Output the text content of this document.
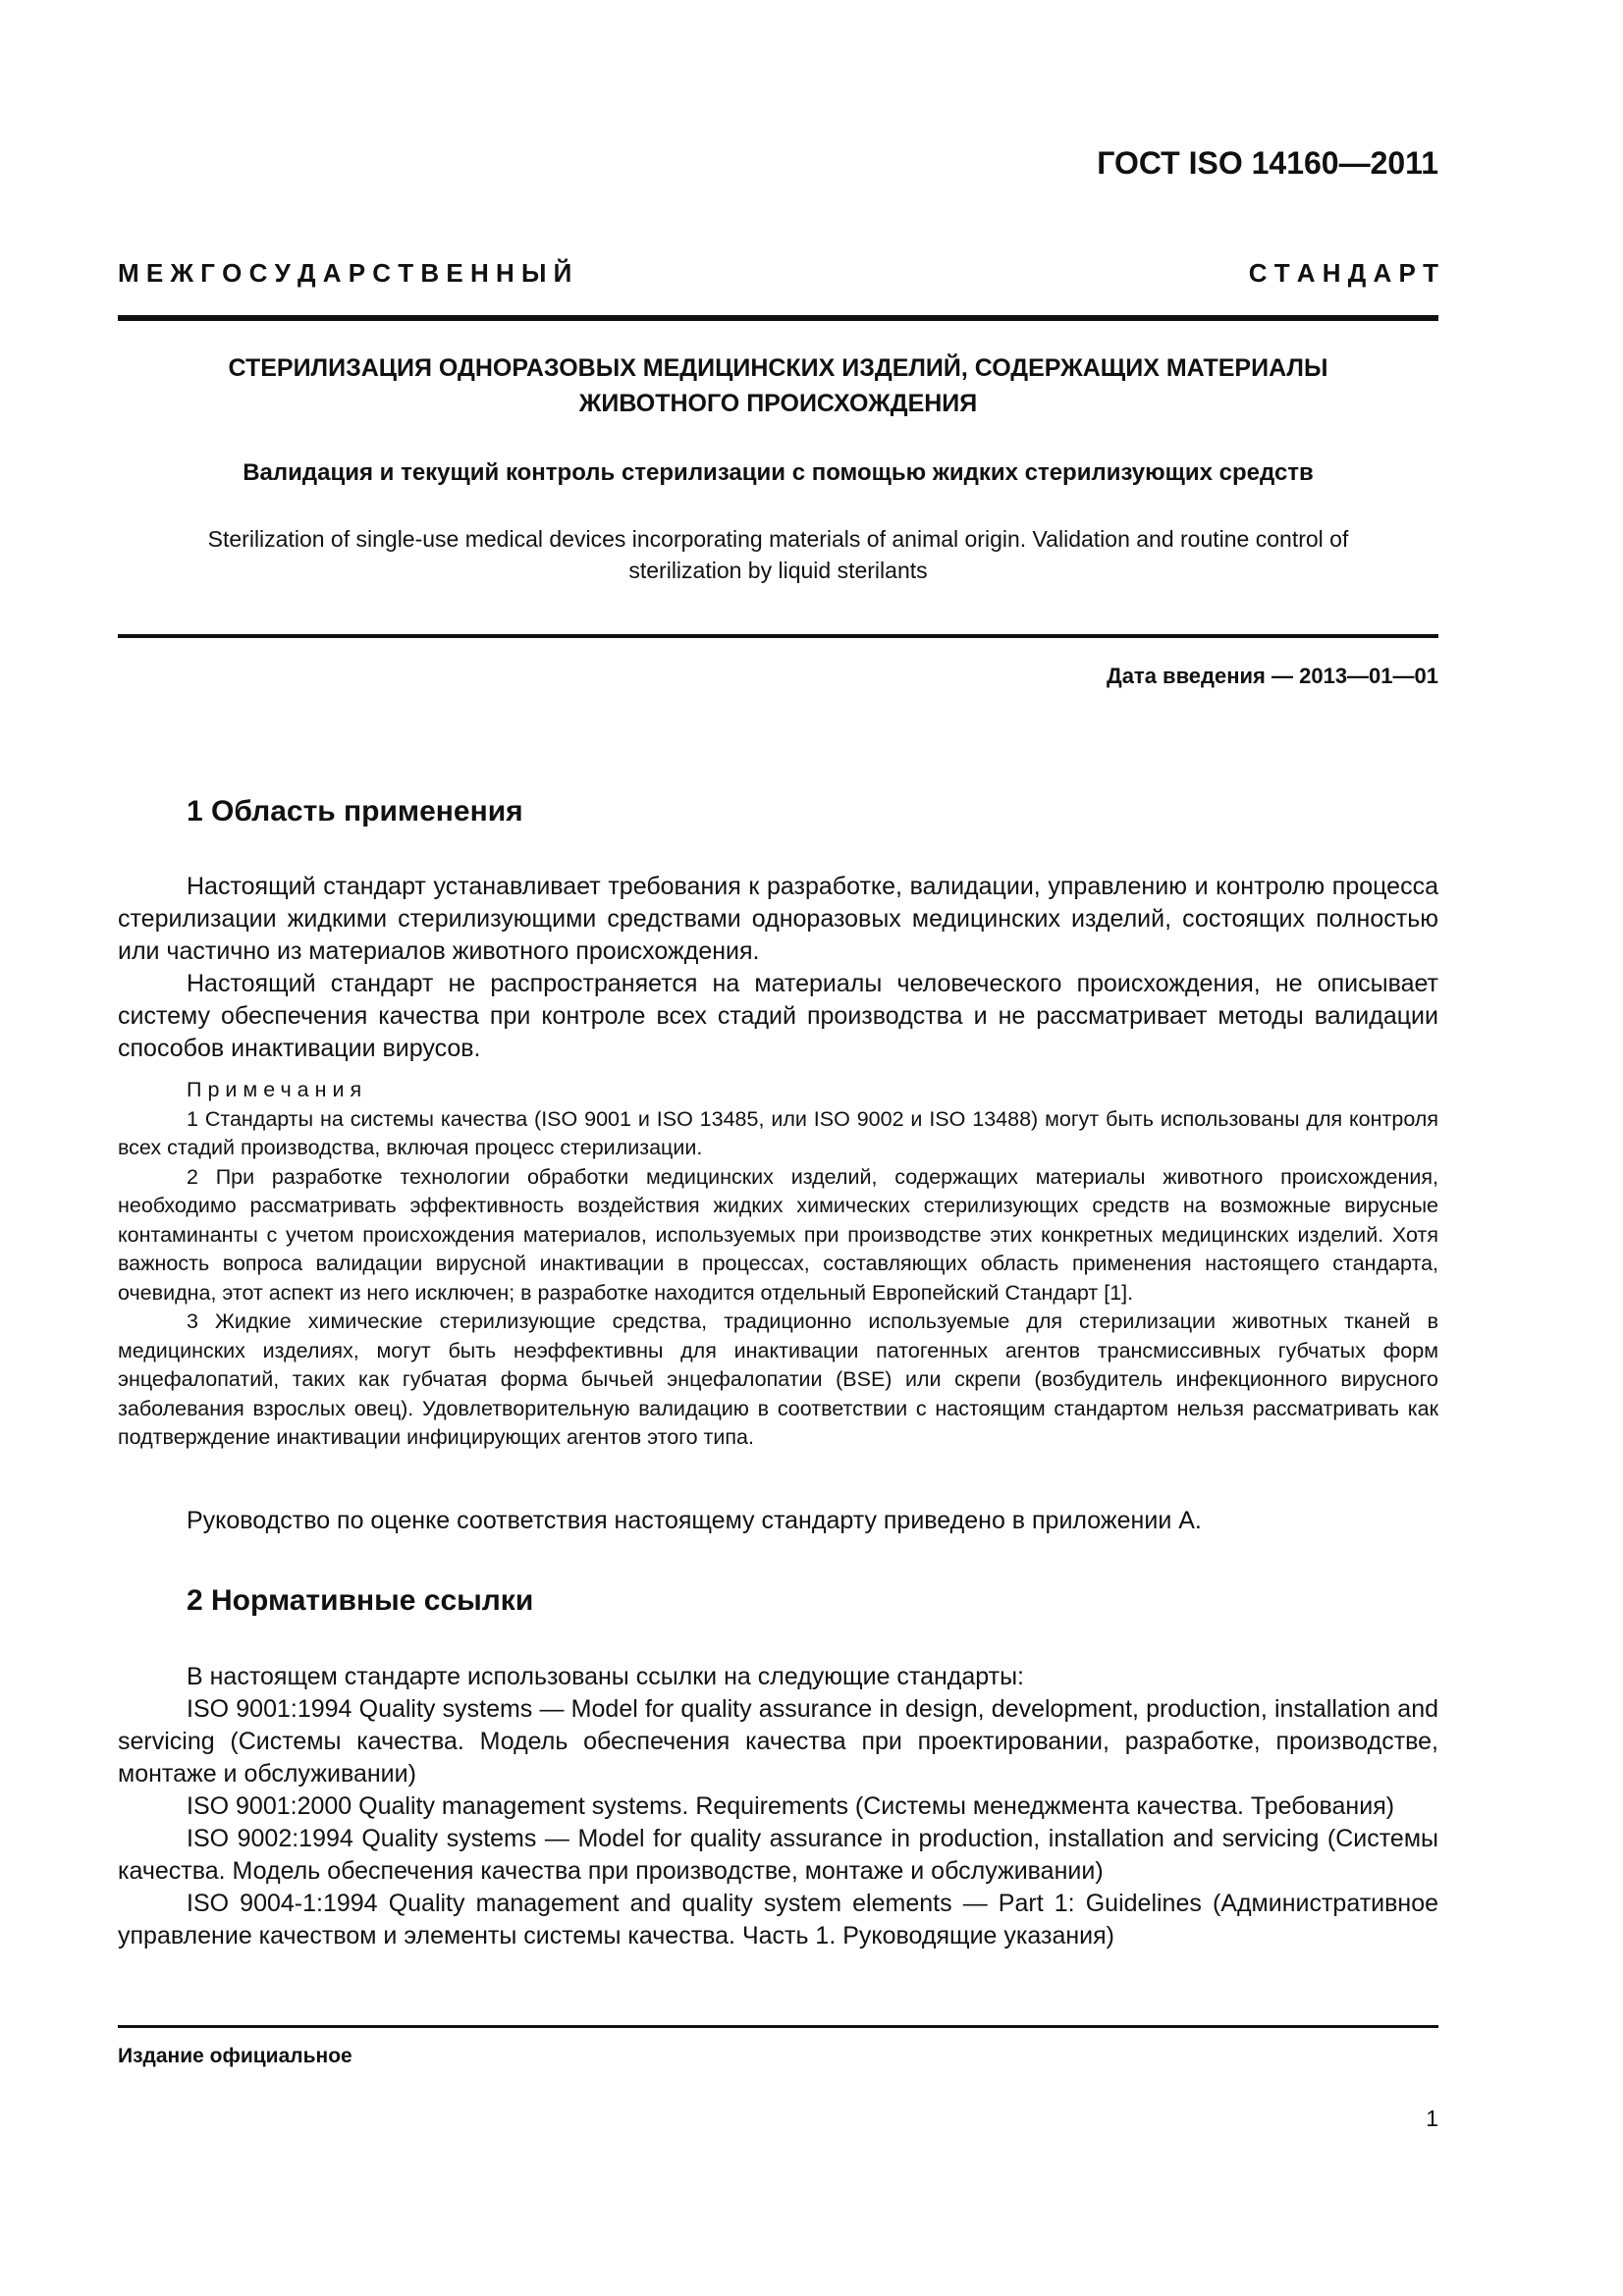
ГОСТ ISO 14160—2011
М Е Ж Г О С У Д А Р С Т В Е Н Н Ы Й	С Т А Н Д А Р Т
СТЕРИЛИЗАЦИЯ ОДНОРАЗОВЫХ МЕДИЦИНСКИХ ИЗДЕЛИЙ, СОДЕРЖАЩИХ МАТЕРИАЛЫ
ЖИВОТНОГО ПРОИСХОЖДЕНИЯ
Валидация и текущий контроль стерилизации с помощью жидких стерилизующих средств
Sterilization of single-use medical devices incorporating materials of animal origin. Validation and routine control of
sterilization by liquid sterilants
Дата введения — 2013—01—01
1 Область применения

Настоящий стандарт устанавливает требования к разработке, валидации, управлению и контролю процесса стерилизации жидкими стерилизующими средствами одноразовых медицинских изделий, состоящих полностью или частично из материалов животного происхождения.

Настоящий стандарт не распространяется на материалы человеческого происхождения, не описывает систему обеспечения качества при контроле всех стадий производства и не рассматривает методы валидации способов инактивации вирусов.

Примечания

1 Стандарты на системы качества (ISO 9001 и ISO 13485, или ISO 9002 и ISO 13488) могут быть использованы для контроля всех стадий производства, включая процесс стерилизации.

2 При разработке технологии обработки медицинских изделий, содержащих материалы животного происхождения, необходимо рассматривать эффективность воздействия жидких химических стерилизующих средств на возможные вирусные контаминанты с учетом происхождения материалов, используемых при производстве этих конкретных медицинских изделий. Хотя важность вопроса валидации вирусной инактивации в процессах, составляющих область применения настоящего стандарта, очевидна, этот аспект из него исключен; в разработке находится отдельный Европейский Стандарт [1].

3 Жидкие химические стерилизующие средства, традиционно используемые для стерилизации животных тканей в медицинских изделиях, могут быть неэффективны для инактивации патогенных агентов трансмиссивных губчатых форм энцефалопатий, таких как губчатая форма бычьей энцефалопатии (BSE) или скрепи (возбудитель инфекционного вирусного заболевания взрослых овец). Удовлетворительную валидацию в соответствии с настоящим стандартом нельзя рассматривать как подтверждение инактивации инфицирующих агентов этого типа.

Руководство по оценке соответствия настоящему стандарту приведено в приложении А.

2 Нормативные ссылки

В настоящем стандарте использованы ссылки на следующие стандарты:

ISO 9001:1994 Quality systems — Model for quality assurance in design, development, production, installation and servicing (Системы качества. Модель обеспечения качества при проектировании, разработке, производстве, монтаже и обслуживании)

ISO 9001:2000 Quality management systems. Requirements (Системы менеджмента качества. Требования)

ISO 9002:1994 Quality systems — Model for quality assurance in production, installation and servicing (Системы качества. Модель обеспечения качества при производстве, монтаже и обслуживании)

ISO 9004-1:1994 Quality management and quality system elements — Part 1: Guidelines (Административное управление качеством и элементы системы качества. Часть 1. Руководящие указания)

Издание официальное
1
